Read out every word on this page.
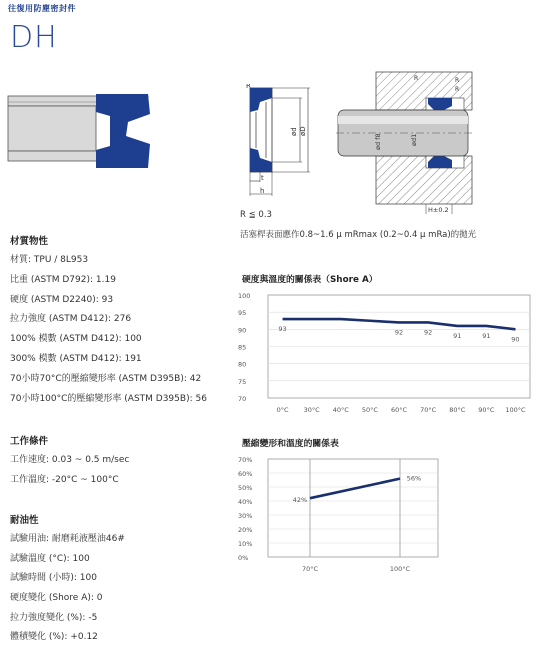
往復用防塵密封件
DH
R
ød øD
t
h
R	R
R
ød f8	ød1
H±0.2
R ≦ 0.3
活塞桿表面應作0.8~1.6 μ mRmax (0.2~0.4 μ mRa)的拋光
材質物性
材質: TPU / 8L953
比重 (ASTM D792): 1.19
硬度 (ASTM D2240): 93
拉力強度 (ASTM D412): 276
100% 模數 (ASTM D412): 100
300% 模數 (ASTM D412): 191
70小時70°C的壓縮變形率 (ASTM D395B): 42
70小時100°C的壓縮變形率 (ASTM D395B): 56
工作條件
工作速度: 0.03 ~ 0.5 m/sec
工作溫度: -20°C ~ 100°C
耐油性
試驗用油: 耐磨耗液壓油46#
試驗溫度 (°C): 100
試驗時間 (小時): 100
硬度變化 (Shore A): 0
拉力強度變化 (%): -5
體積變化 (%): +0.12
硬度與溫度的關係表（Shore A）
100
95
90
85
80
75
70
0°C 30°C 40°C 50°C 60°C 70°C 80°C 90°C 100°C
93	92	92	91	91	90
壓縮變形和溫度的關係表
70%
60%
50%
40%
30%
20%
10%
0%
70°C	100°C
42%
56%
